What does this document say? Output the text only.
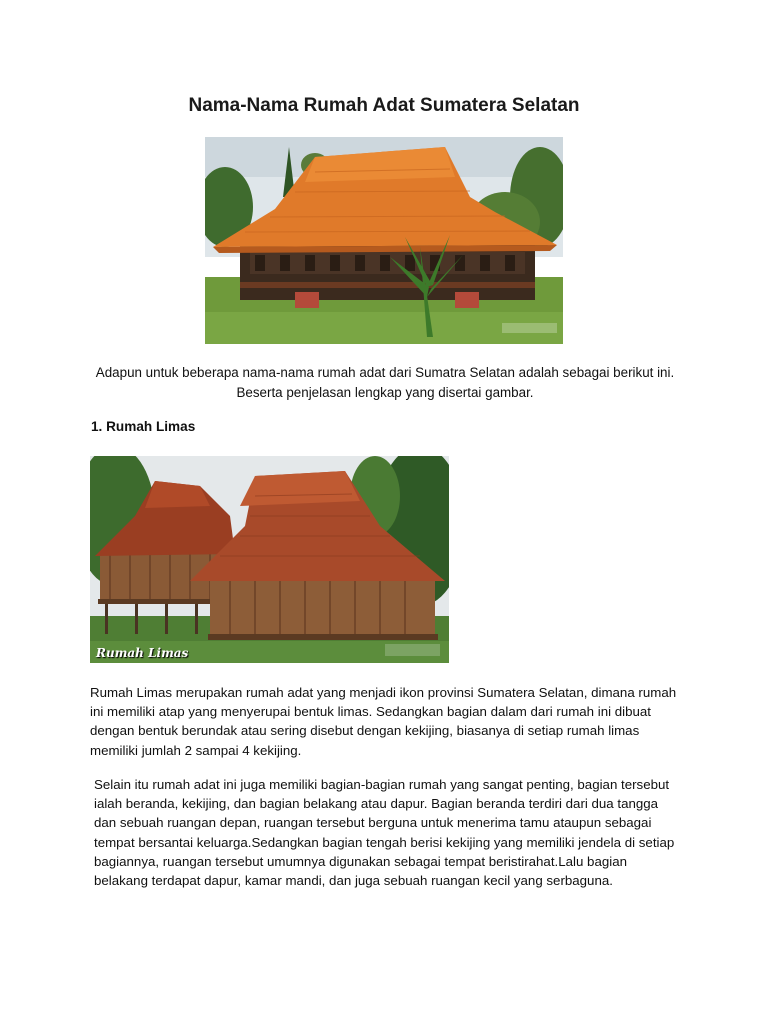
Nama-Nama Rumah Adat Sumatera Selatan
Adapun untuk beberapa nama-nama rumah adat dari Sumatra Selatan adalah sebagai berikut ini. Beserta penjelasan lengkap yang disertai gambar.
1. Rumah Limas
Rumah Limas

Rumah Limas merupakan rumah adat yang menjadi ikon provinsi Sumatera Selatan, dimana rumah ini memiliki atap yang menyerupai bentuk limas. Sedangkan bagian dalam dari rumah ini dibuat dengan bentuk berundak atau sering disebut dengan kekijing, biasanya di setiap rumah limas memiliki jumlah 2 sampai 4 kekijing.

Selain itu rumah adat ini juga memiliki bagian-bagian rumah yang sangat penting, bagian tersebut ialah beranda, kekijing, dan bagian belakang atau dapur. Bagian beranda terdiri dari dua tangga dan sebuah ruangan depan, ruangan tersebut berguna untuk menerima tamu ataupun sebagai tempat bersantai keluarga.Sedangkan bagian tengah berisi kekijing yang memiliki jendela di setiap bagiannya, ruangan tersebut umumnya digunakan sebagai tempat beristirahat.Lalu bagian belakang terdapat dapur, kamar mandi, dan juga sebuah ruangan kecil yang serbaguna.
